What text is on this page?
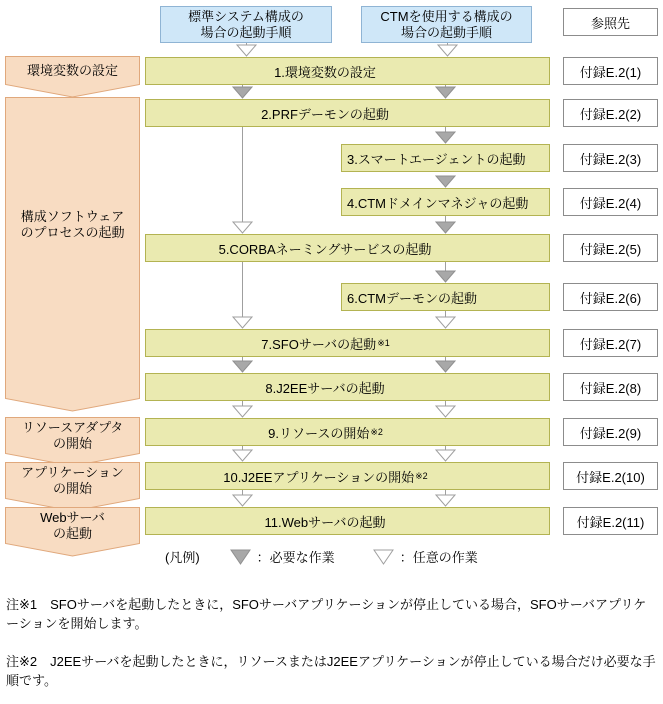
標準システム構成の
場合の起動手順
CTMを使用する構成の
場合の起動手順
参照先
環境変数の設定
構成ソフトウェア
のプロセスの起動
リソースアダプタ
の開始
アプリケーション
の開始
Webサーバ
の起動
1.環境変数の設定
2.PRFデーモンの起動
3.スマートエージェントの起動
4.CTMドメインマネジャの起動
5.CORBAネーミングサービスの起動
6.CTMデーモンの起動
7.SFOサーバの起動 ※1
8.J2EEサーバの起動
9.リソースの開始 ※2
10.J2EEアプリケーションの開始 ※2
11.Webサーバの起動
付録E.2(1)
付録E.2(2)
付録E.2(3)
付録E.2(4)
付録E.2(5)
付録E.2(6)
付録E.2(7)
付録E.2(8)
付録E.2(9)
付録E.2(10)
付録E.2(11)
(凡例)	：必要な作業	：任意の作業

注※1　SFOサーバを起動したときに，SFOサーバアプリケーションが停止している場合，SFOサーバアプリケーションを開始します。

注※2　J2EEサーバを起動したときに，リソースまたはJ2EEアプリケーションが停止している場合だけ必要な手順です。
